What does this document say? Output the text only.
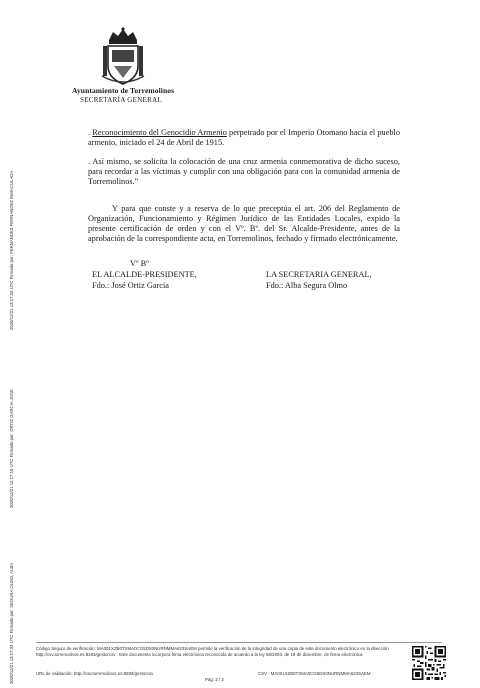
Ayuntamiento de Torremolinos
SECRETARÍA GENERAL
. Reconocimiento del Genocidio Armenio perpetrado por el Imperio Otomano hacia el pueblo armenio, iniciado el 24 de Abril de 1915.
. Así mismo, se solicita la colocación de una cruz armenia conmemorativa de dicho suceso, para recordar a las víctimas y cumplir con una obligación para con la comunidad armenia de Torremolinos.”
Y para que conste y a reserva de lo que preceptúa el art. 206 del Reglamento de Organización, Funcionamiento y Régimen Jurídico de las Entidades Locales, expido la presente certificación de orden y con el Vº. Bº. del Sr. Alcalde-Presidente, antes de la aprobación de la correspondiente acta, en Torremolinos, fechado y firmado electrónicamente.
Vº Bº
EL ALCALDE-PRESIDENTE,
Fdo.: José Ortiz García
LA SECRETARIA GENERAL,
Fdo.: Alba Segura Olmo
2020/12/21 13:17:33 UTC Firmado por: FERNANDEZ FERNANDEZ INMACULADA
2020/12/21 12:17:10 UTC Firmado por: ORTIZ GARCIA JOSE
2020/12/21 13:17:33 UTC Firmado por: SEGURA OLMO, ALBA	Código Seguro de verificación: MA001XZB0TXMA0CG5DX0NURNMMA623SAEM permite la verificación de la integridad de una copia de este documento electrónico en la dirección http://csv.torremolinos.es:8283/gestorcsv . Este documento incorpora firma electrónica reconocida de acuerdo a la ley 59/2003, de 19 de diciembre, de firma electrónica
URL de validación: http://csv.torremolinos.es:8283/gestorcsv	CSV : MA001XZB0TXMA0CG5DX0NURNMMA623SAEM
Pág. 2 / 2
